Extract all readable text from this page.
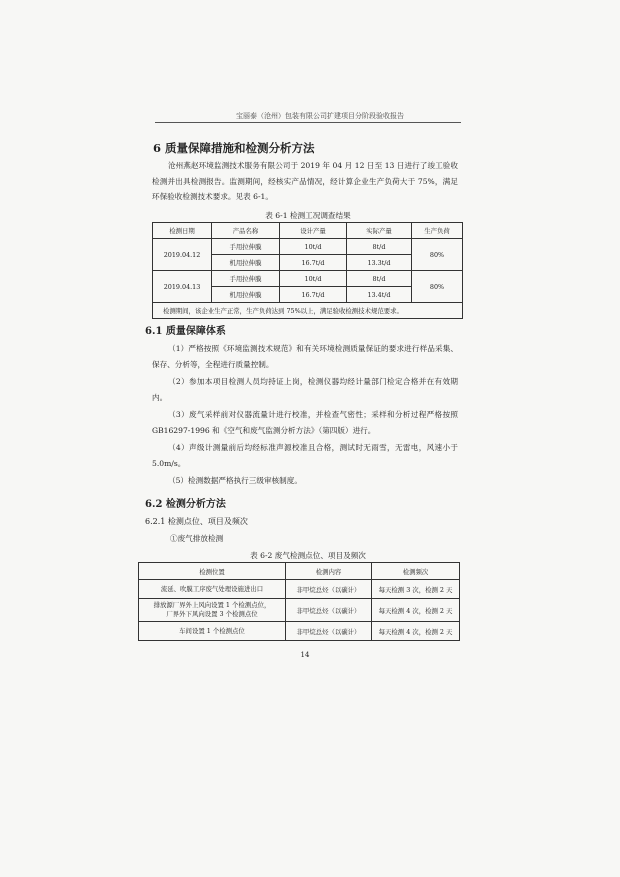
宝丽泰（沧州）包装有限公司扩建项目分阶段验收报告
6 质量保障措施和检测分析方法
沧州燕赵环境监测技术服务有限公司于 2019 年 04 月 12 日至 13 日进行了竣工验收检测并出具检测报告。监测期间，经核实产品情况，经计算企业生产负荷大于 75%，满足环保验收检测技术要求。见表 6-1。
表 6-1 检测工况调查结果
检测日期	产品名称	设计产量	实际产量	生产负荷
2019.04.12	手用拉伸膜	10t/d	8t/d	80%
	机用拉伸膜	16.7t/d	13.3t/d	
2019.04.13	手用拉伸膜	10t/d	8t/d	80%
	机用拉伸膜	16.7t/d	13.4t/d	
检测期间，该企业生产正常，生产负荷达到 75%以上，满足验收检测技术规范要求。				
6.1 质量保障体系
（1）严格按照《环境监测技术规范》和有关环境检测质量保证的要求进行样品采集、保存、分析等，全程进行质量控制。
（2）参加本项目检测人员均持证上岗，检测仪器均经计量部门检定合格并在有效期内。
（3）废气采样前对仪器流量计进行校准，并检查气密性；采样和分析过程严格按照 GB16297-1996 和《空气和废气监测分析方法》（第四版）进行。
（4）声级计测量前后均经标准声源校准且合格，测试时无雨雪，无雷电，风速小于 5.0m/s。
（5）检测数据严格执行三级审核制度。
6.2 检测分析方法
6.2.1 检测点位、项目及频次
①废气排放检测
表 6-2 废气检测点位、项目及频次
检测位置	检测内容	检测频次
流延、吹膜工序废气处理设施进出口	非甲烷总烃（以碳计）	每天检测 3 次，检测 2 天
排放源厂界外上风向设置 1 个检测点位，
厂界外下风向设置 3 个检测点位	非甲烷总烃（以碳计）	每天检测 4 次，检测 2 天
车间设置 1 个检测点位	非甲烷总烃（以碳计）	每天检测 4 次，检测 2 天
14
